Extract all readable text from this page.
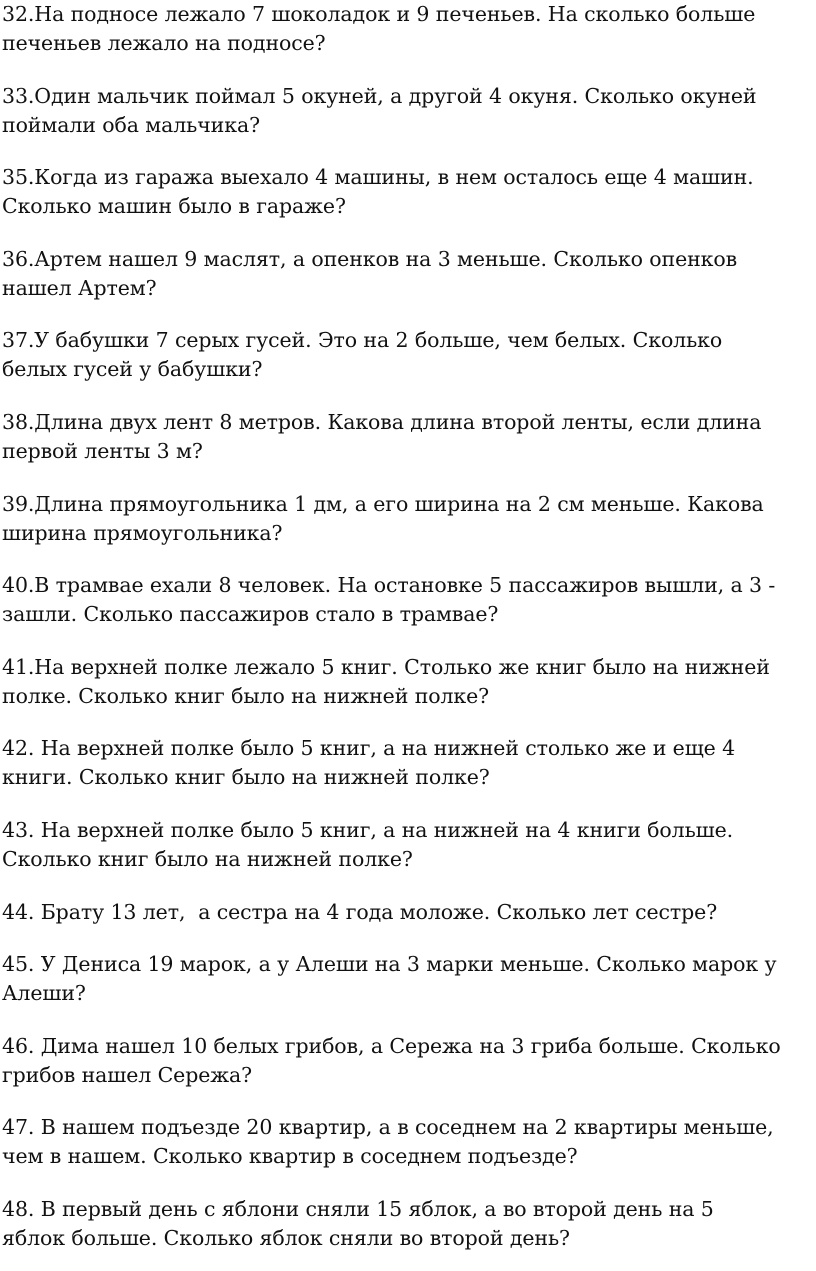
32.На подносе лежало 7 шоколадок и 9 печеньев. На сколько больше
печеньев лежало на подносе?

33.Один мальчик поймал 5 окуней, а другой 4 окуня. Сколько окуней
поймали оба мальчика?

35.Когда из гаража выехало 4 машины, в нем осталось еще 4 машин.
Сколько машин было в гараже?

36.Артем нашел 9 маслят, а опенков на 3 меньше. Сколько опенков
нашел Артем?

37.У бабушки 7 серых гусей. Это на 2 больше, чем белых. Сколько
белых гусей у бабушки?

38.Длина двух лент 8 метров. Какова длина второй ленты, если длина
первой ленты 3 м?

39.Длина прямоугольника 1 дм, а его ширина на 2 см меньше. Какова
ширина прямоугольника?

40.В трамвае ехали 8 человек. На остановке 5 пассажиров вышли, а 3 -
зашли. Сколько пассажиров стало в трамвае?

41.На верхней полке лежало 5 книг. Столько же книг было на нижней
полке. Сколько книг было на нижней полке?

42. На верхней полке было 5 книг, а на нижней столько же и еще 4
книги. Сколько книг было на нижней полке?

43. На верхней полке было 5 книг, а на нижней на 4 книги больше.
Сколько книг было на нижней полке?

44. Брату 13 лет,  а сестра на 4 года моложе. Сколько лет сестре?

45. У Дениса 19 марок, а у Алеши на 3 марки меньше. Сколько марок у
Алеши?

46. Дима нашел 10 белых грибов, а Сережа на 3 гриба больше. Сколько
грибов нашел Сережа?

47. В нашем подъезде 20 квартир, а в соседнем на 2 квартиры меньше,
чем в нашем. Сколько квартир в соседнем подъезде?

48. В первый день с яблони сняли 15 яблок, а во второй день на 5
яблок больше. Сколько яблок сняли во второй день?
